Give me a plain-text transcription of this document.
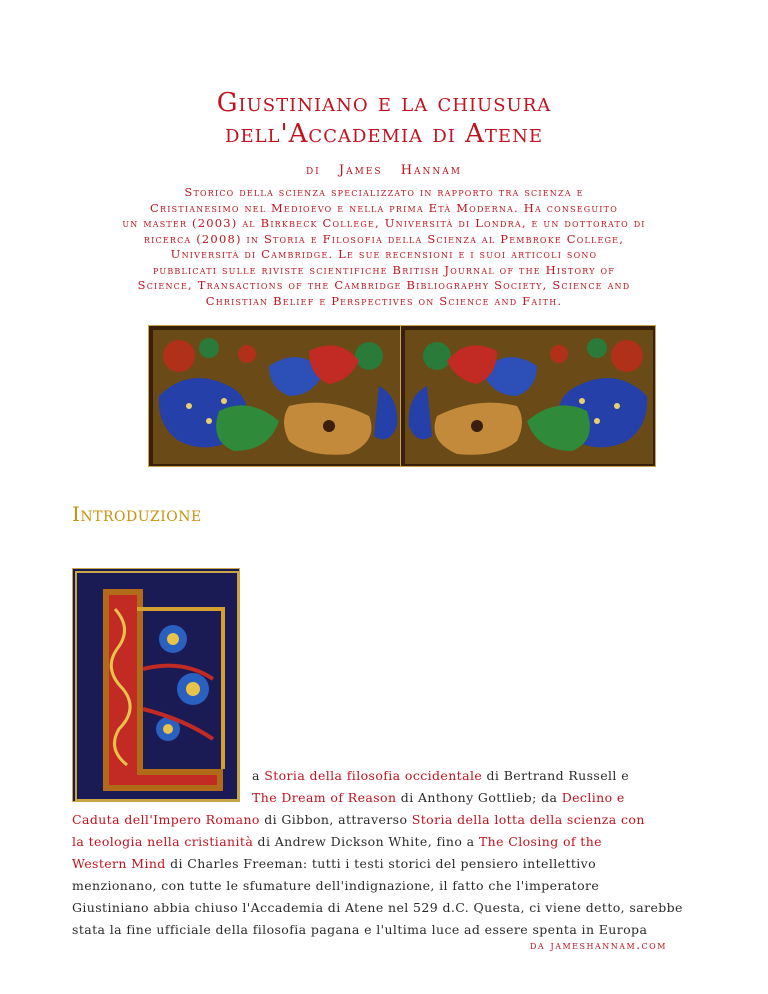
Giustiniano e la chiusura
dell'Accademia di Atene
di James Hannam
Storico della scienza specializzato in rapporto tra scienza e
Cristianesimo nel Medioevo e nella prima Età Moderna. Ha conseguito
un master (2003) al Birkbeck College, Università di Londra, e un dottorato di
ricerca (2008) in Storia e Filosofia della Scienza al Pembroke College,
Università di Cambridge. Le sue recensioni e i suoi articoli sono
pubblicati sulle riviste scientifiche British Journal of the History of
Science, Transactions of the Cambridge Bibliography Society, Science and
Christian Belief e Perspectives on Science and Faith.
Introduzione
a Storia della filosofia occidentale di Bertrand Russell e
The Dream of Reason di Anthony Gottlieb; da Declino e
Caduta dell'Impero Romano di Gibbon, attraverso Storia della lotta della scienza con
la teologia nella cristianità di Andrew Dickson White, fino a The Closing of the
Western Mind di Charles Freeman: tutti i testi storici del pensiero intellettivo
menzionano, con tutte le sfumature dell'indignazione, il fatto che l'imperatore
Giustiniano abbia chiuso l'Accademia di Atene nel 529 d.C. Questa, ci viene detto, sarebbe
stata la fine ufficiale della filosofia pagana e l'ultima luce ad essere spenta in Europa
da jameshannam.com
